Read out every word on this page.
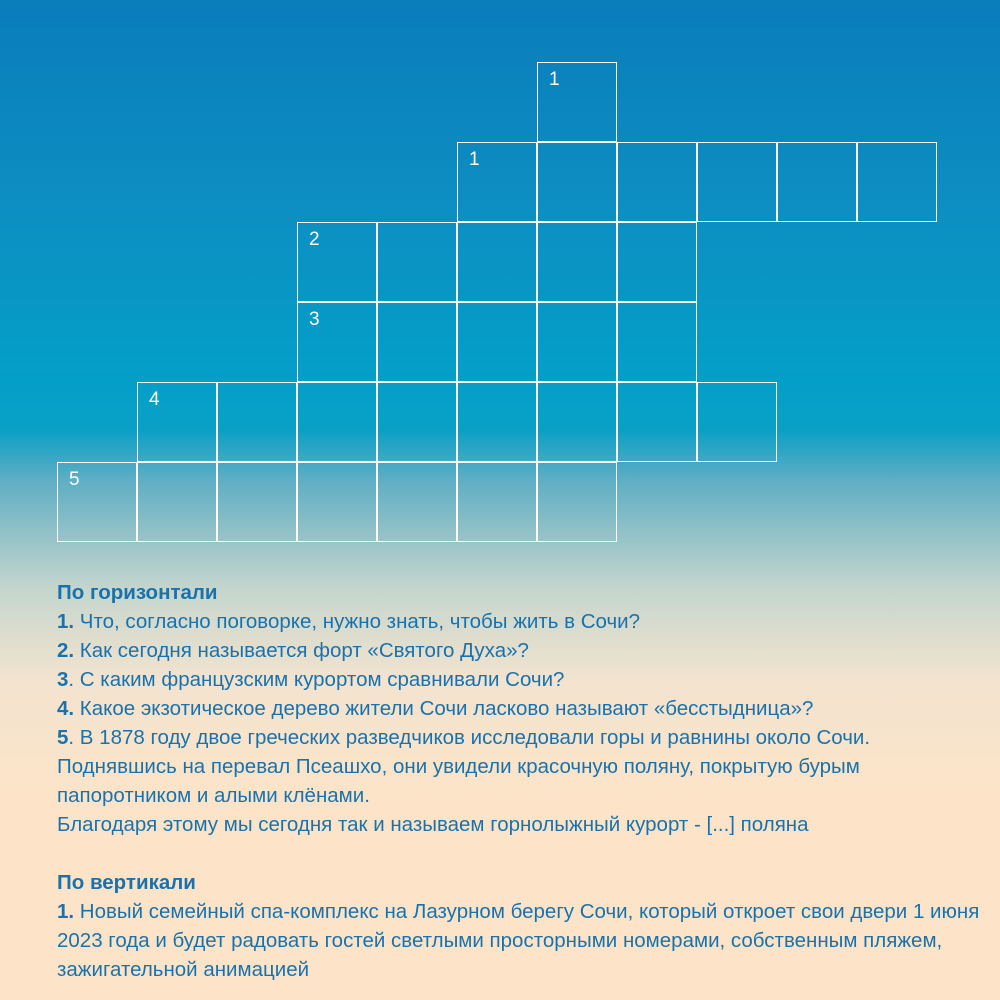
1
1
2
3
4
5
По горизонтали
1. Что, согласно поговорке, нужно знать, чтобы жить в Сочи?
2. Как сегодня называется форт «Святого Духа»?
3. С каким французским курортом сравнивали Сочи?
4. Какое экзотическое дерево жители Сочи ласково называют «бесстыдница»?
5. В 1878 году двое греческих разведчиков исследовали горы и равнины около Сочи. Поднявшись на перевал Псеашхо, они увидели красочную поляну, покрытую бурым папоротником и алыми клёнами.
Благодаря этому мы сегодня так и называем горнолыжный курорт - [...] поляна
По вертикали
1. Новый семейный спа-комплекс на Лазурном берегу Сочи, который откроет свои двери 1 июня 2023 года и будет радовать гостей светлыми просторными номерами, собственным пляжем, зажигательной анимацией
